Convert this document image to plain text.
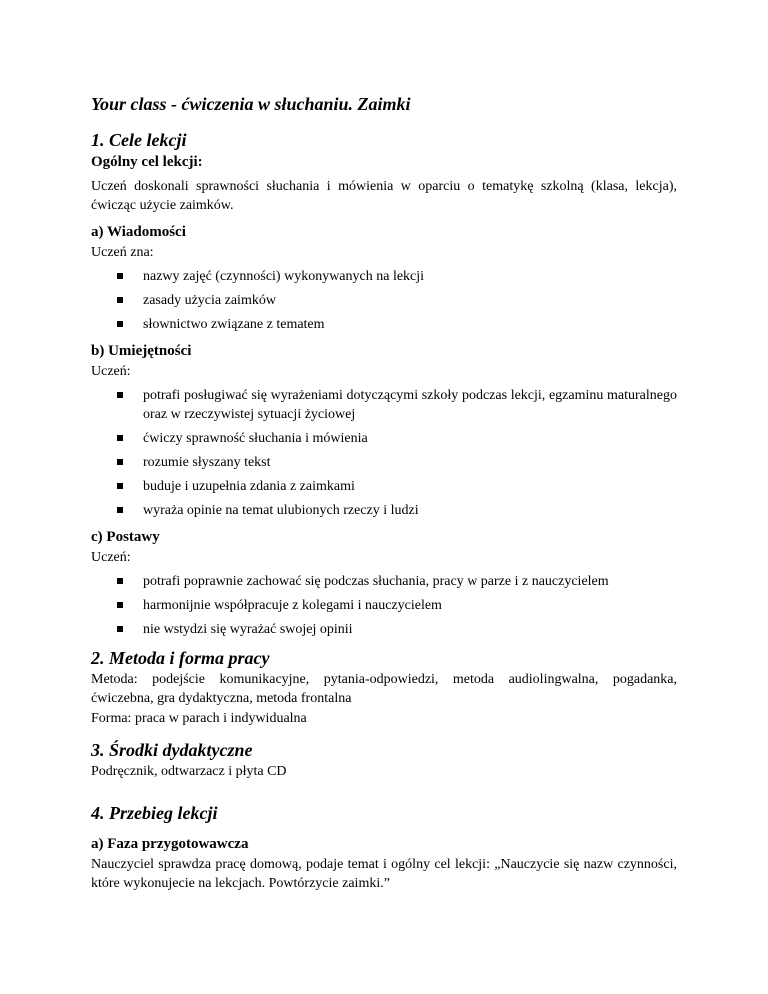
Your class - ćwiczenia w słuchaniu. Zaimki
1. Cele lekcji
Ogólny cel lekcji:

Uczeń doskonali sprawności słuchania i mówienia w oparciu o tematykę szkolną (klasa, lekcja), ćwicząc użycie zaimków.

a) Wiadomości

Uczeń zna:

nazwy zajęć (czynności) wykonywanych na lekcji
zasady użycia zaimków
słownictwo związane z tematem
b) Umiejętności

Uczeń:

potrafi posługiwać się wyrażeniami dotyczącymi szkoły podczas lekcji, egzaminu maturalnego oraz w rzeczywistej sytuacji życiowej
ćwiczy sprawność słuchania i mówienia
rozumie słyszany tekst
buduje i uzupełnia zdania z zaimkami
wyraża opinie na temat ulubionych rzeczy i ludzi
c) Postawy

Uczeń:

potrafi poprawnie zachować się podczas słuchania, pracy w parze i z nauczycielem
harmonijnie współpracuje z kolegami i nauczycielem
nie wstydzi się wyrażać swojej opinii
2. Metoda i forma pracy

Metoda: podejście komunikacyjne, pytania-odpowiedzi, metoda audiolingwalna, pogadanka, ćwiczebna, gra dydaktyczna, metoda frontalna

Forma: praca w parach i indywidualna

3. Środki dydaktyczne

Podręcznik, odtwarzacz i płyta CD

4. Przebieg lekcji
a) Faza przygotowawcza

Nauczyciel sprawdza pracę domową, podaje temat i ogólny cel lekcji: „Nauczycie się nazw czynności, które wykonujecie na lekcjach. Powtórzycie zaimki.”
